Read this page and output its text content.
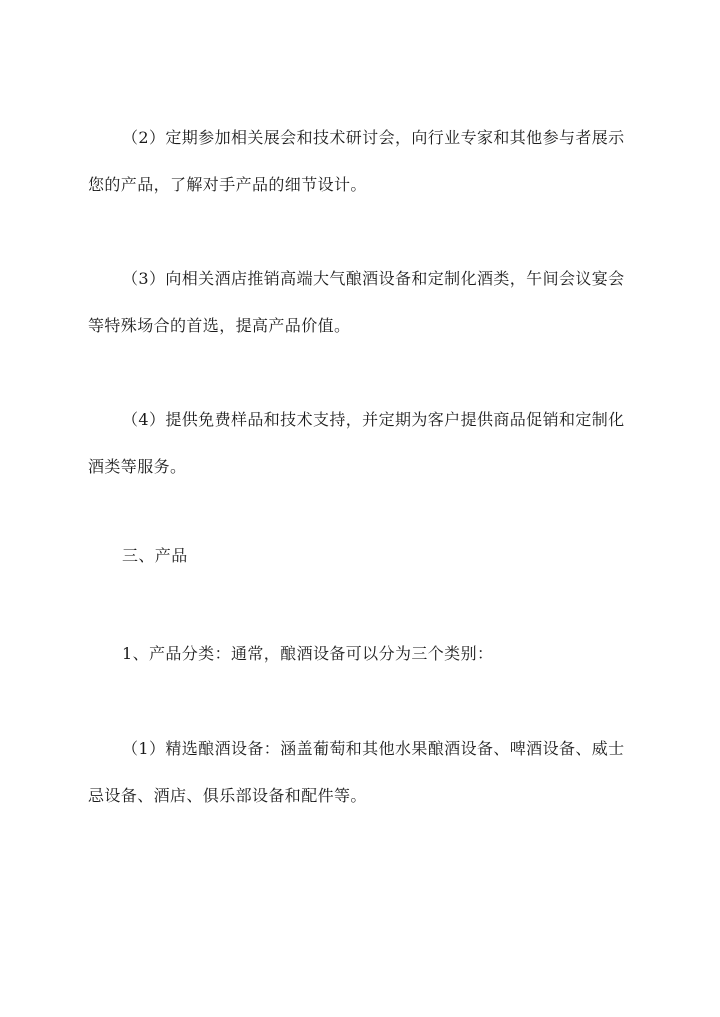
（2）定期参加相关展会和技术研讨会，向行业专家和其他参与者展示您的产品，了解对手产品的细节设计。

（3）向相关酒店推销高端大气酿酒设备和定制化酒类，午间会议宴会等特殊场合的首选，提高产品价值。

（4）提供免费样品和技术支持，并定期为客户提供商品促销和定制化酒类等服务。

三、产品

1、产品分类：通常，酿酒设备可以分为三个类别：

（1）精选酿酒设备：涵盖葡萄和其他水果酿酒设备、啤酒设备、威士忌设备、酒店、俱乐部设备和配件等。
